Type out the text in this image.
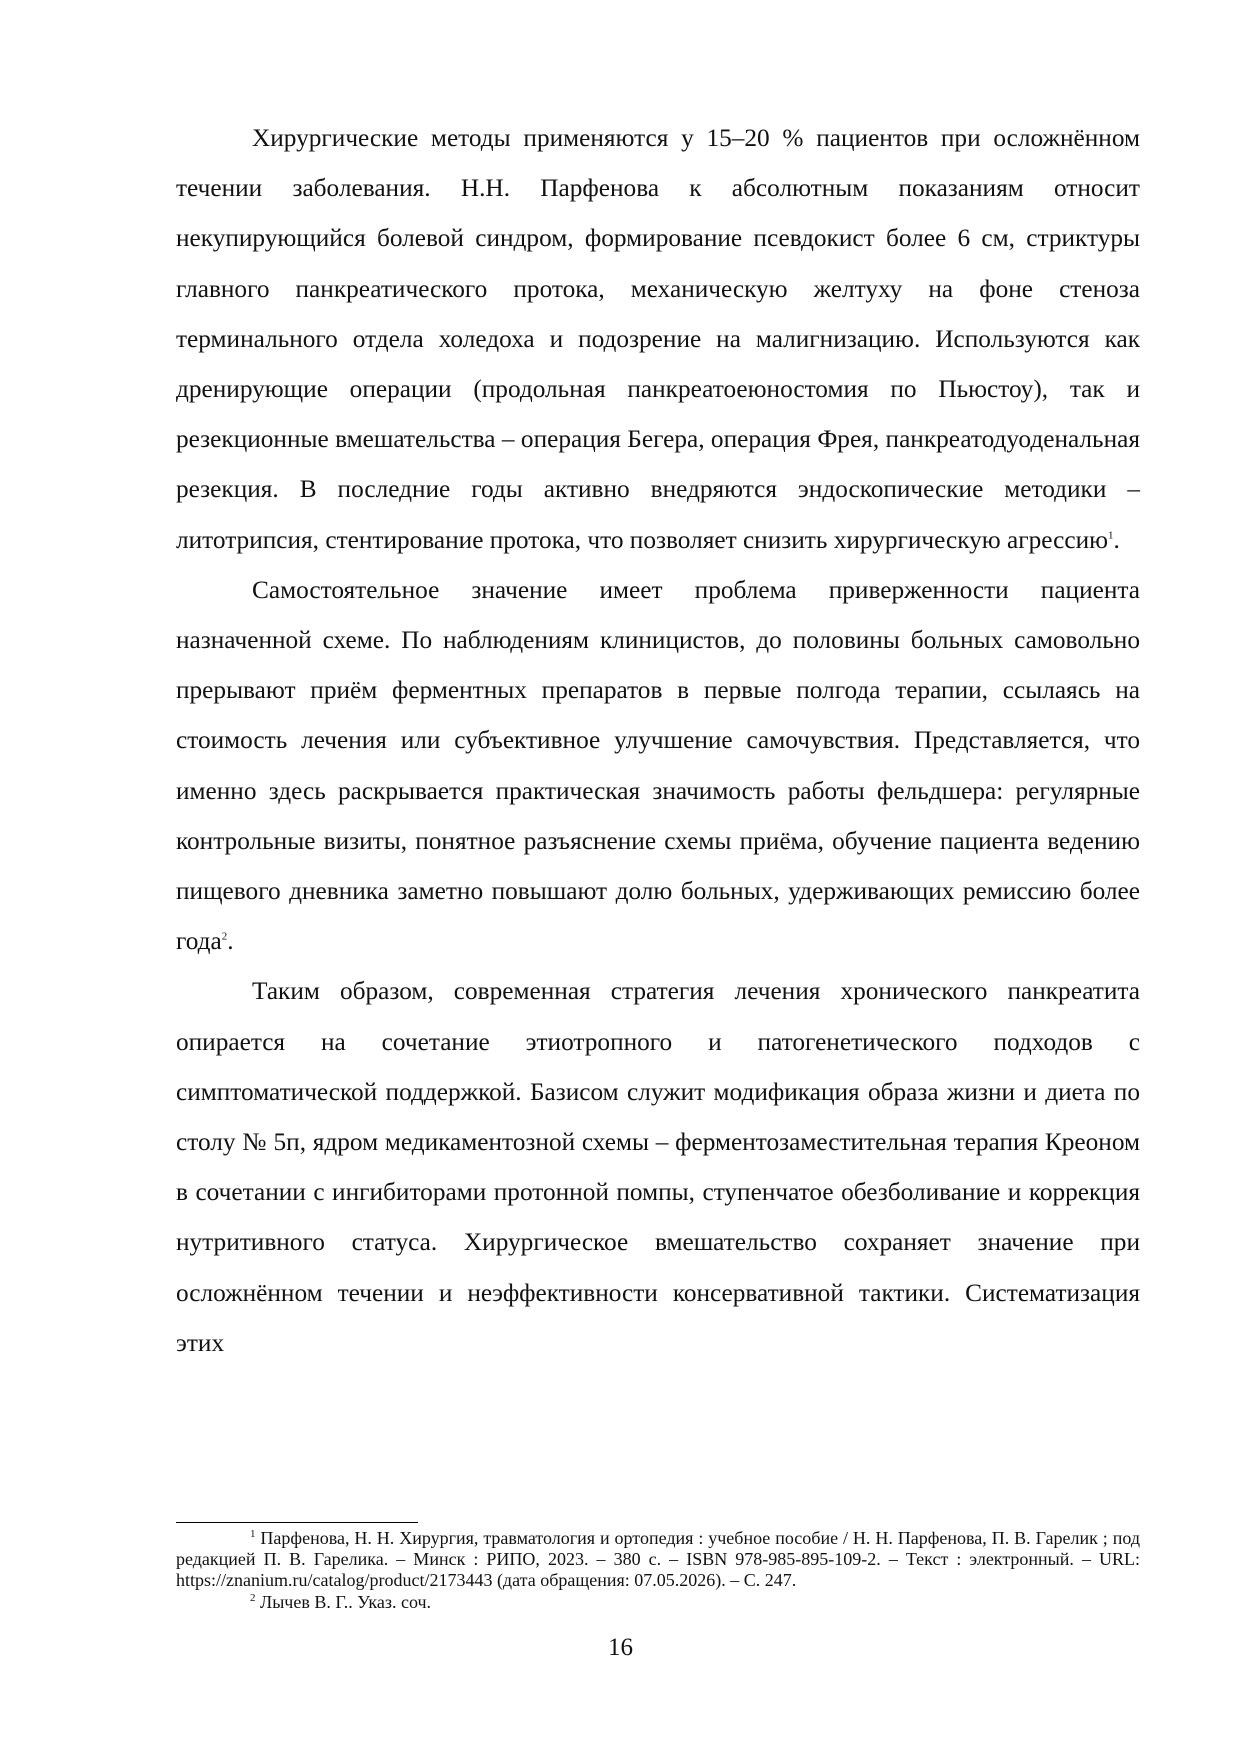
Хирургические методы применяются у 15–20 % пациентов при осложнённом течении заболевания. Н.Н. Парфенова к абсолютным показаниям относит некупирующийся болевой синдром, формирование псевдокист более 6 см, стриктуры главного панкреатического протока, механическую желтуху на фоне стеноза терминального отдела холедоха и подозрение на малигнизацию. Используются как дренирующие операции (продольная панкреатоеюностомия по Пьюстоу), так и резекционные вмешательства – операция Бегера, операция Фрея, панкреатодуоденальная резекция. В последние годы активно внедряются эндоскопические методики – литотрипсия, стентирование протока, что позволяет снизить хирургическую агрессию$^1$.

Самостоятельное значение имеет проблема приверженности пациента назначенной схеме. По наблюдениям клиницистов, до половины больных самовольно прерывают приём ферментных препаратов в первые полгода терапии, ссылаясь на стоимость лечения или субъективное улучшение самочувствия. Представляется, что именно здесь раскрывается практическая значимость работы фельдшера: регулярные контрольные визиты, понятное разъяснение схемы приёма, обучение пациента ведению пищевого дневника заметно повышают долю больных, удерживающих ремиссию более года$^2$.

Таким образом, современная стратегия лечения хронического панкреатита опирается на сочетание этиотропного и патогенетического подходов с симптоматической поддержкой. Базисом служит модификация образа жизни и диета по столу № 5п, ядром медикаментозной схемы – ферментозаместительная терапия Креоном в сочетании с ингибиторами протонной помпы, ступенчатое обезболивание и коррекция нутритивного статуса. Хирургическое вмешательство сохраняет значение при осложнённом течении и неэффективности консервативной тактики. Систематизация этих

$^1$ Парфенова, Н. Н. Хирургия, травматология и ортопедия : учебное пособие / Н. Н. Парфенова, П. В. Гарелик ; под редакцией П. В. Гарелика. – Минск : РИПО, 2023. – 380 с. – ISBN 978-985-895-109-2. – Текст : электронный. – URL: https://znanium.ru/catalog/product/2173443 (дата обращения: 07.05.2026). – С. 247.

$^2$ Лычев В. Г.. Указ. соч.

16
